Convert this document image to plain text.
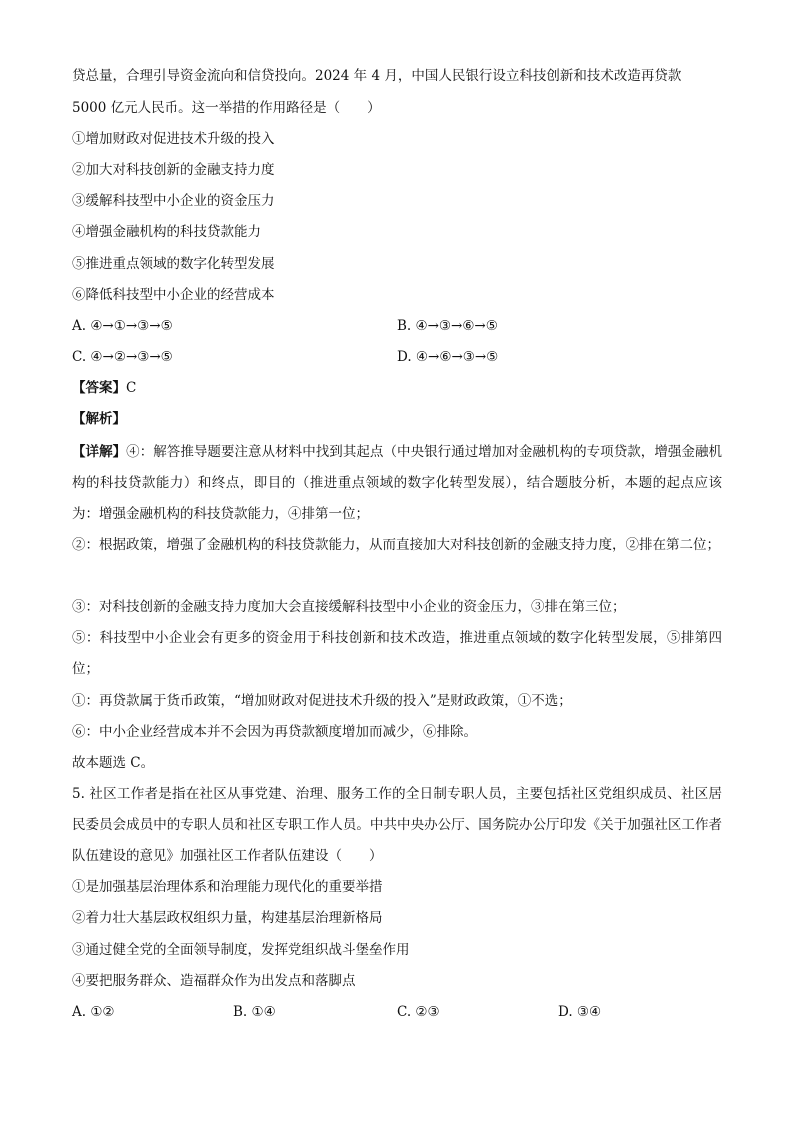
贷总量，合理引导资金流向和信贷投向。2024 年 4 月，中国人民银行设立科技创新和技术改造再贷款
5000 亿元人民币。这一举措的作用路径是（　　）
①增加财政对促进技术升级的投入
②加大对科技创新的金融支持力度
③缓解科技型中小企业的资金压力
④增强金融机构的科技贷款能力
⑤推进重点领域的数字化转型发展
⑥降低科技型中小企业的经营成本
A. ④→①→③→⑤	B. ④→③→⑥→⑤
C. ④→②→③→⑤	D. ④→⑥→③→⑤
【答案】C
【解析】
【详解】④：解答推导题要注意从材料中找到其起点（中央银行通过增加对金融机构的专项贷款，增强金融机构的科技贷款能力）和终点，即目的（推进重点领域的数字化转型发展），结合题肢分析，本题的起点应该为：增强金融机构的科技贷款能力，④排第一位；
②：根据政策，增强了金融机构的科技贷款能力，从而直接加大对科技创新的金融支持力度，②排在第二位；
③：对科技创新的金融支持力度加大会直接缓解科技型中小企业的资金压力，③排在第三位；
⑤：科技型中小企业会有更多的资金用于科技创新和技术改造，推进重点领域的数字化转型发展，⑤排第四位；
①：再贷款属于货币政策，“增加财政对促进技术升级的投入”是财政政策，①不选；
⑥：中小企业经营成本并不会因为再贷款额度增加而减少，⑥排除。
故本题选 C。
5. 社区工作者是指在社区从事党建、治理、服务工作的全日制专职人员，主要包括社区党组织成员、社区居民委员会成员中的专职人员和社区专职工作人员。中共中央办公厅、国务院办公厅印发《关于加强社区工作者队伍建设的意见》加强社区工作者队伍建设（　　）
①是加强基层治理体系和治理能力现代化的重要举措
②着力壮大基层政权组织力量，构建基层治理新格局
③通过健全党的全面领导制度，发挥党组织战斗堡垒作用
④要把服务群众、造福群众作为出发点和落脚点
A. ①②	B. ①④	C. ②③	D. ③④
